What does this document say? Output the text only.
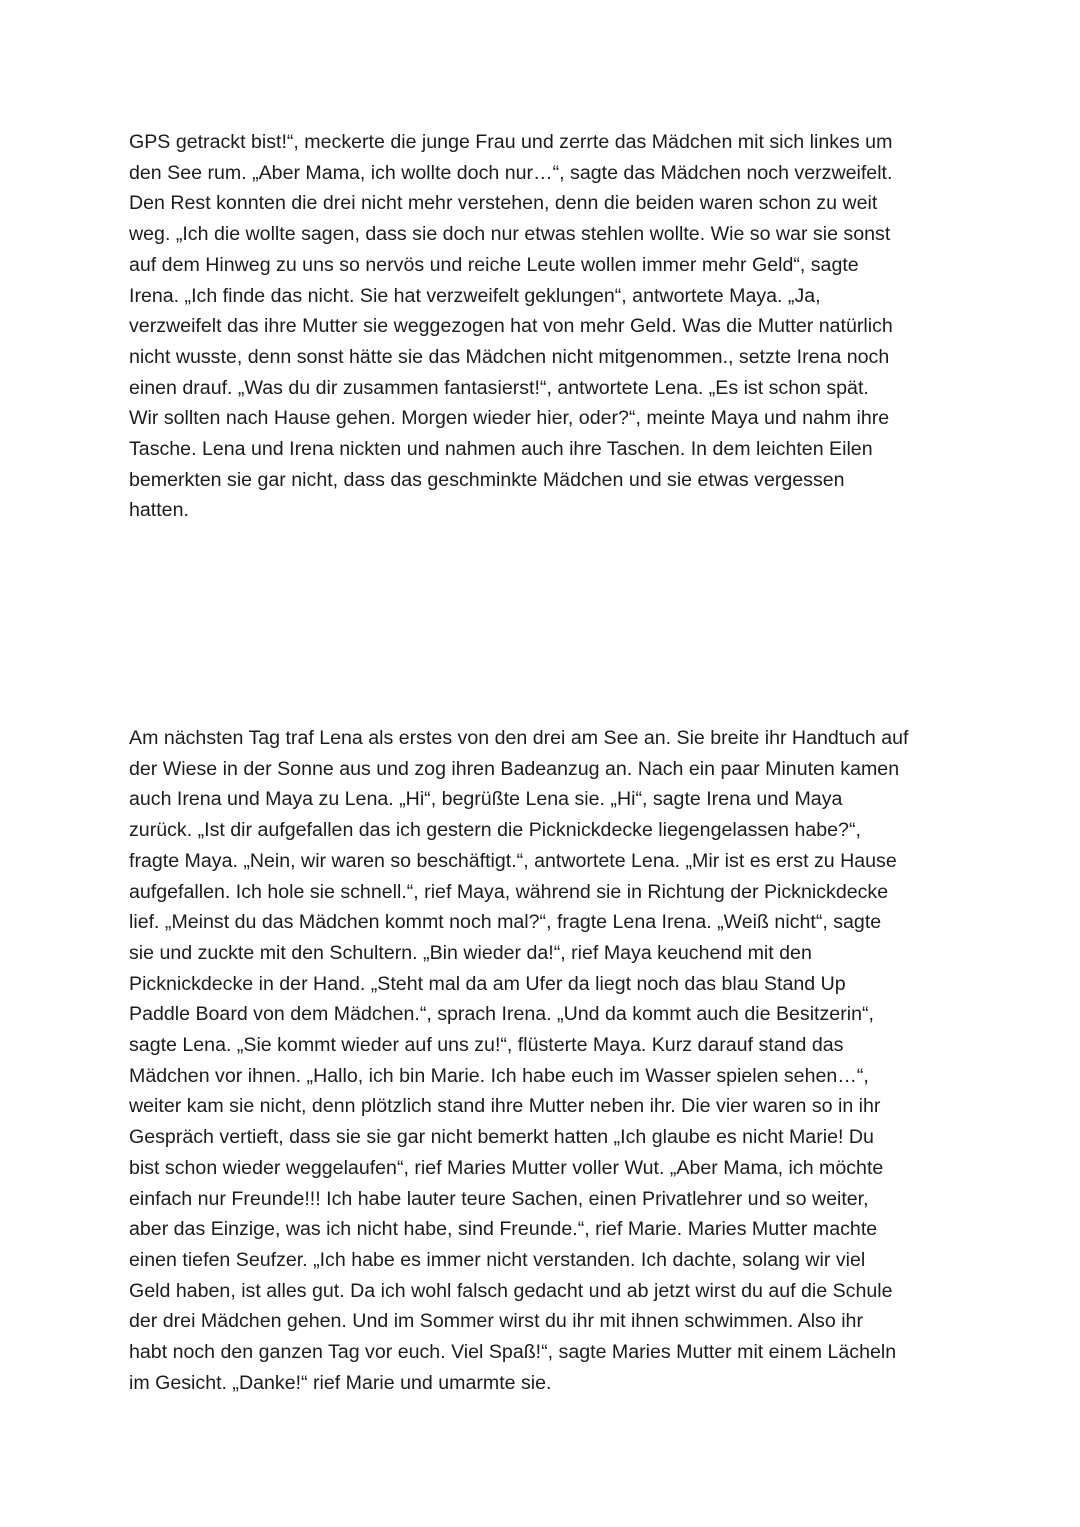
GPS getrackt bist!“, meckerte die junge Frau und zerrte das Mädchen mit sich linkes um
den See rum. „Aber Mama, ich wollte doch nur…“, sagte das Mädchen noch verzweifelt.
Den Rest konnten die drei nicht mehr verstehen, denn die beiden waren schon zu weit
weg. „Ich die wollte sagen, dass sie doch nur etwas stehlen wollte. Wie so war sie sonst
auf dem Hinweg zu uns so nervös und reiche Leute wollen immer mehr Geld“, sagte
Irena. „Ich finde das nicht. Sie hat verzweifelt geklungen“, antwortete Maya. „Ja,
verzweifelt das ihre Mutter sie weggezogen hat von mehr Geld. Was die Mutter natürlich
nicht wusste, denn sonst hätte sie das Mädchen nicht mitgenommen., setzte Irena noch
einen drauf. „Was du dir zusammen fantasierst!“, antwortete Lena. „Es ist schon spät.
Wir sollten nach Hause gehen. Morgen wieder hier, oder?“, meinte Maya und nahm ihre
Tasche. Lena und Irena nickten und nahmen auch ihre Taschen. In dem leichten Eilen
bemerkten sie gar nicht, dass das geschminkte Mädchen und sie etwas vergessen
hatten.

Am nächsten Tag traf Lena als erstes von den drei am See an. Sie breite ihr Handtuch auf
der Wiese in der Sonne aus und zog ihren Badeanzug an. Nach ein paar Minuten kamen
auch Irena und Maya zu Lena. „Hi“, begrüßte Lena sie. „Hi“, sagte Irena und Maya
zurück. „Ist dir aufgefallen das ich gestern die Picknickdecke liegengelassen habe?“,
fragte Maya. „Nein, wir waren so beschäftigt.“, antwortete Lena. „Mir ist es erst zu Hause
aufgefallen. Ich hole sie schnell.“, rief Maya, während sie in Richtung der Picknickdecke
lief. „Meinst du das Mädchen kommt noch mal?“, fragte Lena Irena. „Weiß nicht“, sagte
sie und zuckte mit den Schultern. „Bin wieder da!“, rief Maya keuchend mit den
Picknickdecke in der Hand. „Steht mal da am Ufer da liegt noch das blau Stand Up
Paddle Board von dem Mädchen.“, sprach Irena. „Und da kommt auch die Besitzerin“,
sagte Lena. „Sie kommt wieder auf uns zu!“, flüsterte Maya. Kurz darauf stand das
Mädchen vor ihnen. „Hallo, ich bin Marie. Ich habe euch im Wasser spielen sehen…“,
weiter kam sie nicht, denn plötzlich stand ihre Mutter neben ihr. Die vier waren so in ihr
Gespräch vertieft, dass sie sie gar nicht bemerkt hatten „Ich glaube es nicht Marie! Du
bist schon wieder weggelaufen“, rief Maries Mutter voller Wut. „Aber Mama, ich möchte
einfach nur Freunde!!! Ich habe lauter teure Sachen, einen Privatlehrer und so weiter,
aber das Einzige, was ich nicht habe, sind Freunde.“, rief Marie. Maries Mutter machte
einen tiefen Seufzer. „Ich habe es immer nicht verstanden. Ich dachte, solang wir viel
Geld haben, ist alles gut. Da ich wohl falsch gedacht und ab jetzt wirst du auf die Schule
der drei Mädchen gehen. Und im Sommer wirst du ihr mit ihnen schwimmen. Also ihr
habt noch den ganzen Tag vor euch. Viel Spaß!“, sagte Maries Mutter mit einem Lächeln
im Gesicht. „Danke!“ rief Marie und umarmte sie.
